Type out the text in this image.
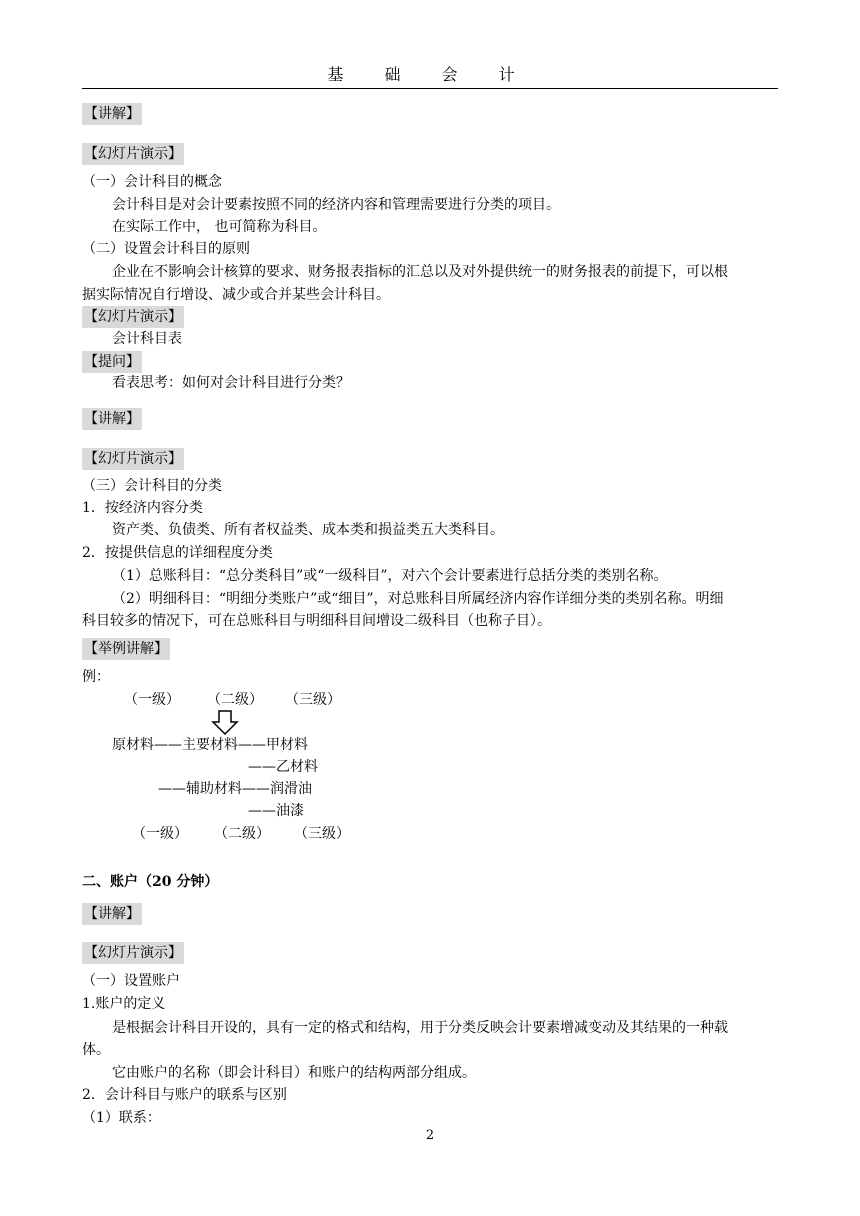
基 础 会 计
【讲解】
【幻灯片演示】
（一）会计科目的概念
会计科目是对会计要素按照不同的经济内容和管理需要进行分类的项目。
在实际工作中， 也可简称为科目。
（二）设置会计科目的原则
企业在不影响会计核算的要求、财务报表指标的汇总以及对外提供统一的财务报表的前提下，可以根
据实际情况自行增设、减少或合并某些会计科目。
【幻灯片演示】
会计科目表
【提问】
看表思考：如何对会计科目进行分类？
【讲解】
【幻灯片演示】
（三）会计科目的分类
1．按经济内容分类
资产类、负债类、所有者权益类、成本类和损益类五大类科目。
2．按提供信息的详细程度分类
（1）总账科目：“总分类科目”或“一级科目”，对六个会计要素进行总括分类的类别名称。
（2）明细科目：“明细分类账户”或“细目”，对总账科目所属经济内容作详细分类的类别名称。明细
科目较多的情况下，可在总账科目与明细科目间增设二级科目（也称子目）。
【举例讲解】
例：
（一级） （二级） （三级）
原材料——主要材料——甲材料
——乙材料
——辅助材料——润滑油
——油漆
（一级） （二级） （三级）
二、账户（20 分钟）
【讲解】
【幻灯片演示】
（一）设置账户
1.账户的定义
是根据会计科目开设的，具有一定的格式和结构，用于分类反映会计要素增减变动及其结果的一种载
体。
它由账户的名称（即会计科目）和账户的结构两部分组成。
2．会计科目与账户的联系与区别
（1）联系：
2
